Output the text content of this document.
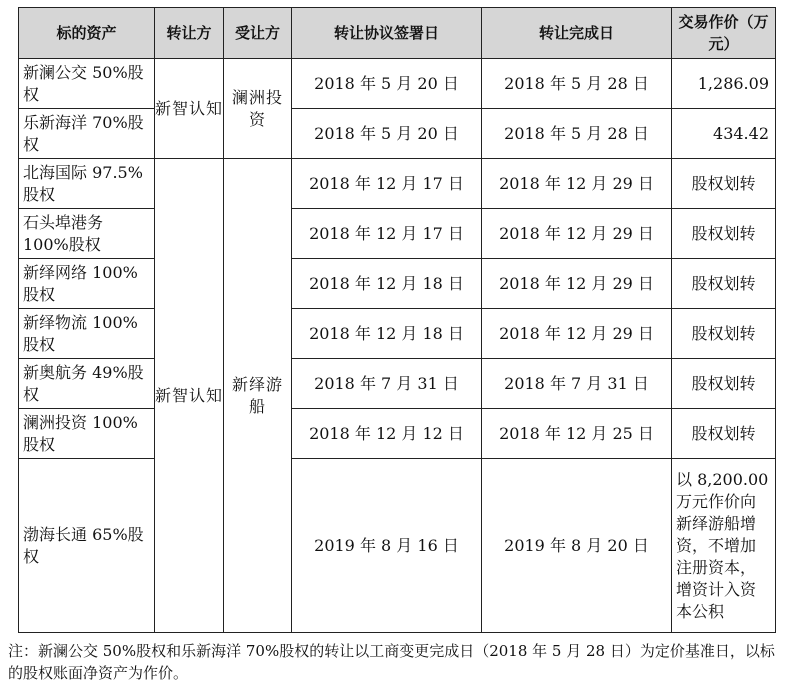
标的资产	转让方	受让方	转让协议签署日	转让完成日	交易作价（万元）
新澜公交 50%股权	新智认知	澜洲投资	2018 年 5 月 20 日	2018 年 5 月 28 日	1,286.09
乐新海洋 70%股权			2018 年 5 月 20 日	2018 年 5 月 28 日	434.42
北海国际 97.5%股权	新智认知	新绎游船	2018 年 12 月 17 日	2018 年 12 月 29 日	股权划转
石头埠港务 100%股权			2018 年 12 月 17 日	2018 年 12 月 29 日	股权划转
新绎网络 100%股权			2018 年 12 月 18 日	2018 年 12 月 29 日	股权划转
新绎物流 100%股权			2018 年 12 月 18 日	2018 年 12 月 29 日	股权划转
新奥航务 49%股权			2018 年 7 月 31 日	2018 年 7 月 31 日	股权划转
澜洲投资 100%股权			2018 年 12 月 12 日	2018 年 12 月 25 日	股权划转
渤海长通 65%股权			2019 年 8 月 16 日	2019 年 8 月 20 日	以 8,200.00 万元作价向新绎游船增资，不增加注册资本，增资计入资本公积
注：新澜公交 50%股权和乐新海洋 70%股权的转让以工商变更完成日（2018 年 5 月 28 日）为定价基准日，以标的股权账面净资产为作价。
